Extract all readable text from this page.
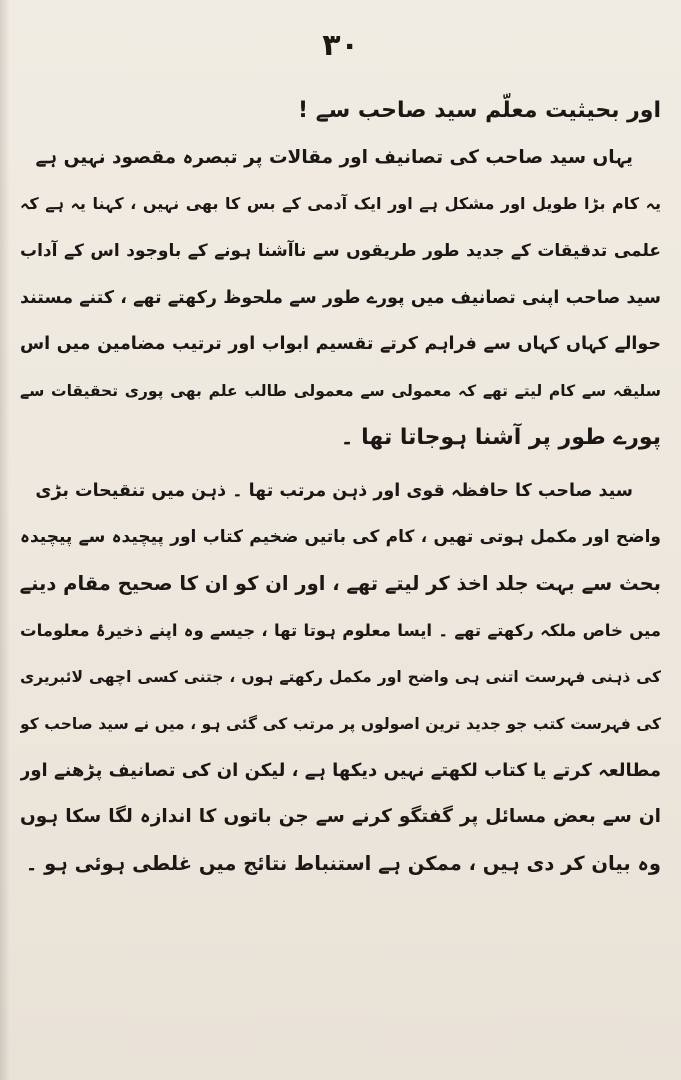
٣٠
اور بحیثیت معلّم سید صاحب سے !
یہاں سید صاحب کی تصانیف اور مقالات پر تبصرہ مقصود نہیں ہے
یہ کام بڑا طویل اور مشکل ہے اور ایک آدمی کے بس کا بھی نہیں ، کہنا یہ ہے کہ
علمی تدقیقات کے جدید طور طریقوں سے ناآشنا ہونے کے باوجود اس کے آداب
سید صاحب اپنی تصانیف میں پورے طور سے ملحوظ رکھتے تھے ، کتنے مستند
حوالے کہاں کہاں سے فراہم کرتے تقسیم ابواب اور ترتیب مضامین میں اس
سلیقہ سے کام لیتے تھے کہ معمولی سے معمولی طالب علم بھی پوری تحقیقات سے
پورے طور پر آشنا ہوجاتا تھا ۔
سید صاحب کا حافظہ قوی اور ذہن مرتب تھا ۔ ذہن میں تنقیحات بڑی
واضح اور مکمل ہوتی تھیں ، کام کی باتیں ضخیم کتاب اور پیچیدہ سے پیچیدہ
بحث سے بہت جلد اخذ کر لیتے تھے ، اور ان کو ان کا صحیح مقام دینے
میں خاص ملکہ رکھتے تھے ۔ ایسا معلوم ہوتا تھا ، جیسے وہ اپنے ذخیرۂ معلومات
کی ذہنی فہرست اتنی ہی واضح اور مکمل رکھتے ہوں ، جتنی کسی اچھی لائبریری
کی فہرست کتب جو جدید ترین اصولوں پر مرتب کی گئی ہو ، میں نے سید صاحب کو
مطالعہ کرتے یا کتاب لکھتے نہیں دیکھا ہے ، لیکن ان کی تصانیف پڑھنے اور
ان سے بعض مسائل پر گفتگو کرنے سے جن باتوں کا اندازہ لگا سکا ہوں
وہ بیان کر دی ہیں ، ممکن ہے استنباط نتائج میں غلطی ہوئی ہو ۔
